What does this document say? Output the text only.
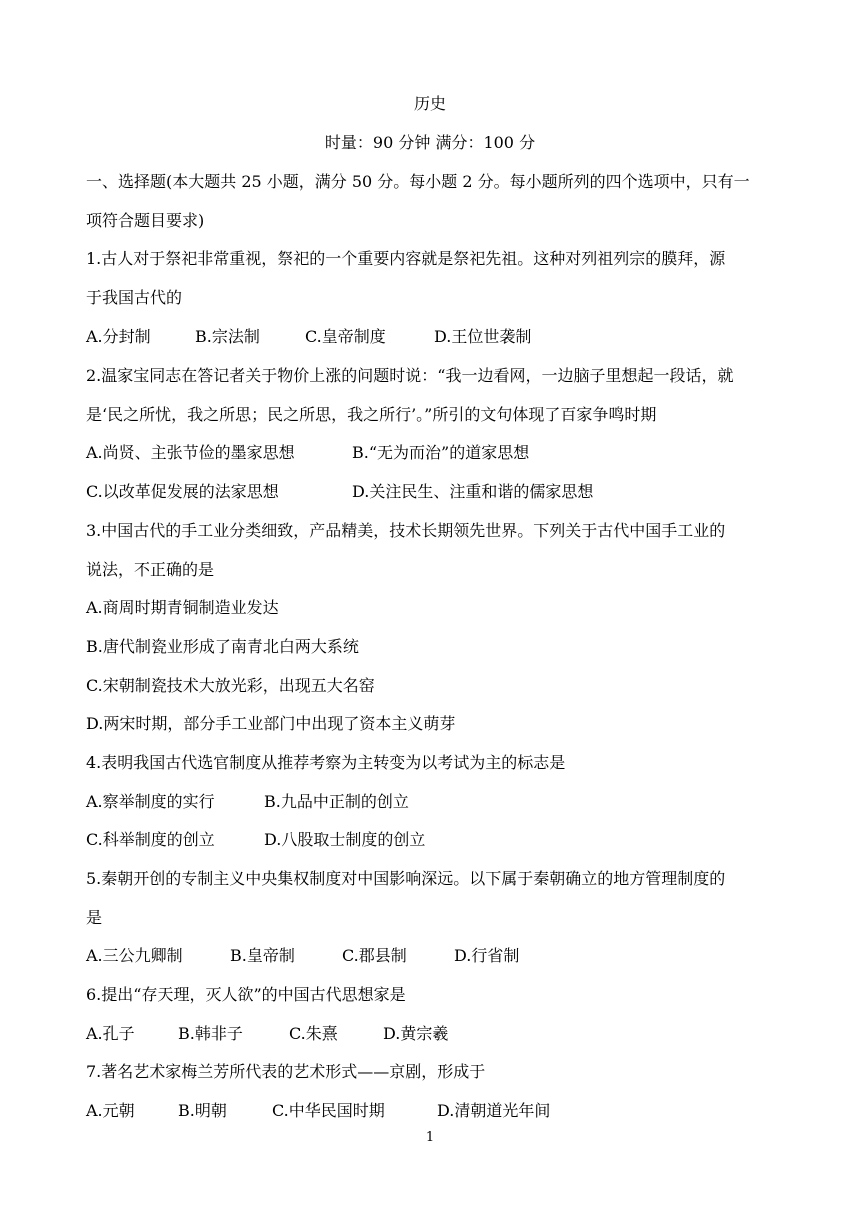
历史
时量：90 分钟 满分：100 分
一、选择题(本大题共 25 小题，满分 50 分。每小题 2 分。每小题所列的四个选项中，只有一
项符合题目要求)
1.古人对于祭祀非常重视，祭祀的一个重要内容就是祭祀先祖。这种对列祖列宗的膜拜，源
于我国古代的
A.分封制	B.宗法制	C.皇帝制度	D.王位世袭制
2.温家宝同志在答记者关于物价上涨的问题时说：“我一边看网，一边脑子里想起一段话，就
是‘民之所忧，我之所思；民之所思，我之所行’。”所引的文句体现了百家争鸣时期
A.尚贤、主张节俭的墨家思想	B.“无为而治”的道家思想
C.以改革促发展的法家思想	D.关注民生、注重和谐的儒家思想
3.中国古代的手工业分类细致，产品精美，技术长期领先世界。下列关于古代中国手工业的
说法，不正确的是
A.商周时期青铜制造业发达
B.唐代制瓷业形成了南青北白两大系统
C.宋朝制瓷技术大放光彩，出现五大名窑
D.两宋时期，部分手工业部门中出现了资本主义萌芽
4.表明我国古代选官制度从推荐考察为主转变为以考试为主的标志是
A.察举制度的实行	B.九品中正制的创立
C.科举制度的创立	D.八股取士制度的创立
5.秦朝开创的专制主义中央集权制度对中国影响深远。以下属于秦朝确立的地方管理制度的
是
A.三公九卿制	B.皇帝制	C.郡县制	D.行省制
6.提出“存天理，灭人欲”的中国古代思想家是
A.孔子	B.韩非子	C.朱熹	D.黄宗羲
7.著名艺术家梅兰芳所代表的艺术形式——京剧，形成于
A.元朝	B.明朝	C.中华民国时期	D.清朝道光年间
1
